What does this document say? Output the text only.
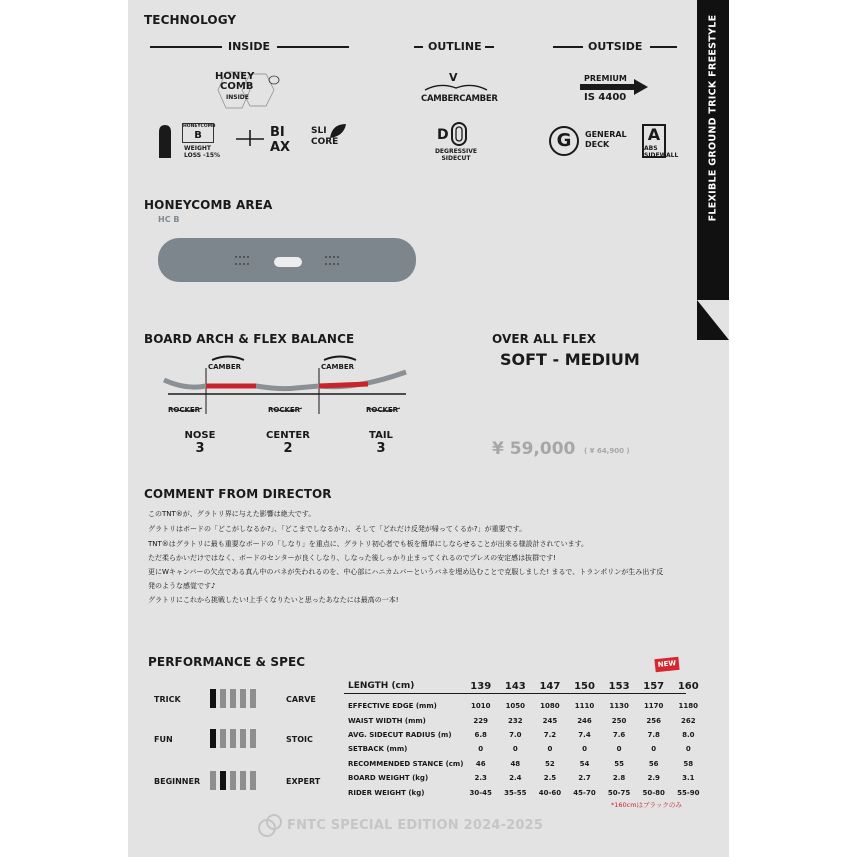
FLEXIBLE GROUND TRICK FREESTYLE
TECHNOLOGY
INSIDE	OUTLINE	OUTSIDE
HONEY
COMB
INSIDE
HONEYCOMB
B
WEIGHT
LOSS -15%
BI
AX
SLI
CORE
V
CAMBERCAMBER
D
DEGRESSIVE
SIDECUT
PREMIUM
IS 4400
G	GENERAL
DECK
A
ABS
SIDEWALL
HONEYCOMB AREA
HC B
BOARD ARCH & FLEX BALANCE
CAMBER	CAMBER
ROCKER	ROCKER	ROCKER
NOSE
3
CENTER
2
TAIL
3
OVER ALL FLEX
SOFT - MEDIUM
¥ 59,000 ( ¥ 64,900 )
COMMENT FROM DIRECTOR
このTNT®が、グラトリ界に与えた影響は絶大です。
グラトリはボードの「どこがしなるか?」、「どこまでしなるか?」、そして「どれだけ反発が帰ってくるか?」が重要です。
TNT®はグラトリに最も重要なボードの「しなり」を重点に、グラトリ初心者でも板を簡単にしならせることが出来る様設計されています。
ただ柔らかいだけではなく、ボードのセンターが良くしなり、しなった後しっかり止まってくれるのでプレスの安定感は抜群です!
更にWキャンバーの欠点である真ん中のバネが失われるのを、中心部にハニカムバーというバネを埋め込むことで克服しました! まるで、トランポリンが生み出す反
発のような感覚です♪
グラトリにこれから挑戦したい!上手くなりたいと思ったあなたには最高の一本!
PERFORMANCE & SPEC
TRICK	CARVE
FUN	STOIC
BEGINNER	EXPERT
NEW
LENGTH (cm)	139	143	147	150	153	157	160

EFFECTIVE EDGE (mm)	1010	1050	1080	1110	1130	1170	1180
WAIST WIDTH (mm)	229	232	245	246	250	256	262
AVG. SIDECUT RADIUS (m)	6.8	7.0	7.2	7.4	7.6	7.8	8.0
SETBACK (mm)	0	0	0	0	0	0	0
RECOMMENDED STANCE (cm)	46	48	52	54	55	56	58
BOARD WEIGHT (kg)	2.3	2.4	2.5	2.7	2.8	2.9	3.1
RIDER WEIGHT (kg)	30-45	35-55	40-60	45-70	50-75	50-80	55-90
*160cmはブラックのみ
FNTC SPECIAL EDITION 2024-2025
